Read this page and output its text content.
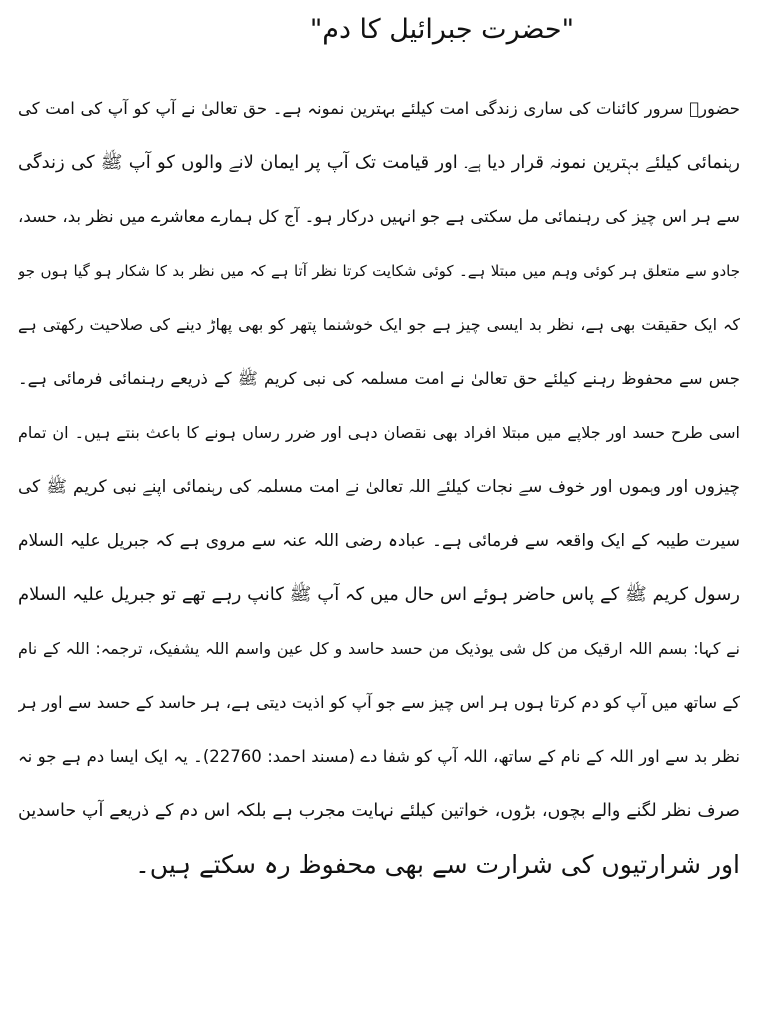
"حضرت جبرائیل کا دم"
حضورؐ سرور کائنات کی ساری زندگی امت کیلئے بہترین نمونہ ہے۔ حق تعالیٰ نے آپ کو آپ کی امت کی
رہنمائی کیلئے بہترین نمونہ قرار دیا ہے۔ اور قیامت تک آپ پر ایمان لانے والوں کو آپ ﷺ کی زندگی
سے ہر اس چیز کی رہنمائی مل سکتی ہے جو انہیں درکار ہو۔ آج کل ہمارے معاشرے میں نظر بد، حسد،
جادو سے متعلق ہر کوئی وہم میں مبتلا ہے۔ کوئی شکایت کرتا نظر آتا ہے کہ میں نظر بد کا شکار ہو گیا ہوں جو
کہ ایک حقیقت بھی ہے، نظر بد ایسی چیز ہے جو ایک خوشنما پتھر کو بھی پھاڑ دینے کی صلاحیت رکھتی ہے
جس سے محفوظ رہنے کیلئے حق تعالیٰ نے امت مسلمہ کی نبی کریم ﷺ کے ذریعے رہنمائی فرمائی ہے۔
اسی طرح حسد اور جلاپے میں مبتلا افراد بھی نقصان دہی اور ضرر رساں ہونے کا باعث بنتے ہیں۔ ان تمام
چیزوں اور وہموں اور خوف سے نجات کیلئے اللہ تعالیٰ نے امت مسلمہ کی رہنمائی اپنے نبی کریم ﷺ کی
سیرت طیبہ کے ایک واقعہ سے فرمائی ہے۔ عبادہ رضی اللہ عنہ سے مروی ہے کہ جبریل علیہ السلام
رسول کریم ﷺ کے پاس حاضر ہوئے اس حال میں کہ آپ ﷺ کانپ رہے تھے تو جبریل علیہ السلام
نے کہا: بسم اللہ ارقیک من کل شی یوذیک من حسد حاسد و کل عین واسم اللہ یشفیک، ترجمہ: اللہ کے نام
کے ساتھ میں آپ کو دم کرتا ہوں ہر اس چیز سے جو آپ کو اذیت دیتی ہے، ہر حاسد کے حسد سے اور ہر
نظر بد سے اور اللہ کے نام کے ساتھ، اللہ آپ کو شفا دے (مسند احمد: 22760)۔ یہ ایک ایسا دم ہے جو نہ
صرف نظر لگنے والے بچوں، بڑوں، خواتین کیلئے نہایت مجرب ہے بلکہ اس دم کے ذریعے آپ حاسدین
اور شرارتیوں کی شرارت سے بھی محفوظ رہ سکتے ہیں۔
